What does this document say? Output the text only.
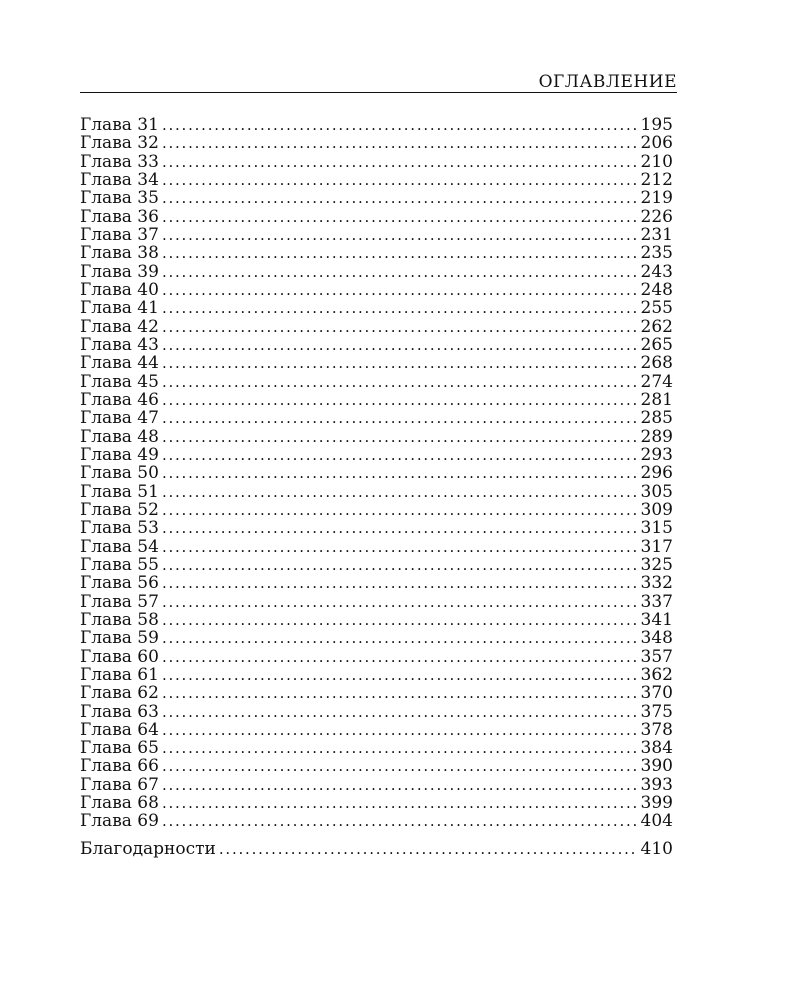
ОГЛАВЛЕНИЕ
Глава 31 . . .	195
Глава 32 . . .	206
Глава 33 . . .	210
Глава 34 . . .	212
Глава 35 . . .	219
Глава 36 . . .	226
Глава 37 . . .	231
Глава 38 . . .	235
Глава 39 . . .	243
Глава 40 . . .	248
Глава 41 . . .	255
Глава 42 . . .	262
Глава 43 . . .	265
Глава 44 . . .	268
Глава 45 . . .	274
Глава 46 . . .	281
Глава 47 . . .	285
Глава 48 . . .	289
Глава 49 . . .	293
Глава 50 . . .	296
Глава 51 . . .	305
Глава 52 . . .	309
Глава 53 . . .	315
Глава 54 . . .	317
Глава 55 . . .	325
Глава 56 . . .	332
Глава 57 . . .	337
Глава 58 . . .	341
Глава 59 . . .	348
Глава 60 . . .	357
Глава 61 . . .	362
Глава 62 . . .	370
Глава 63 . . .	375
Глава 64 . . .	378
Глава 65 . . .	384
Глава 66 . . .	390
Глава 67 . . .	393
Глава 68 . . .	399
Глава 69 . . .	404
Благодарности . . .	410
